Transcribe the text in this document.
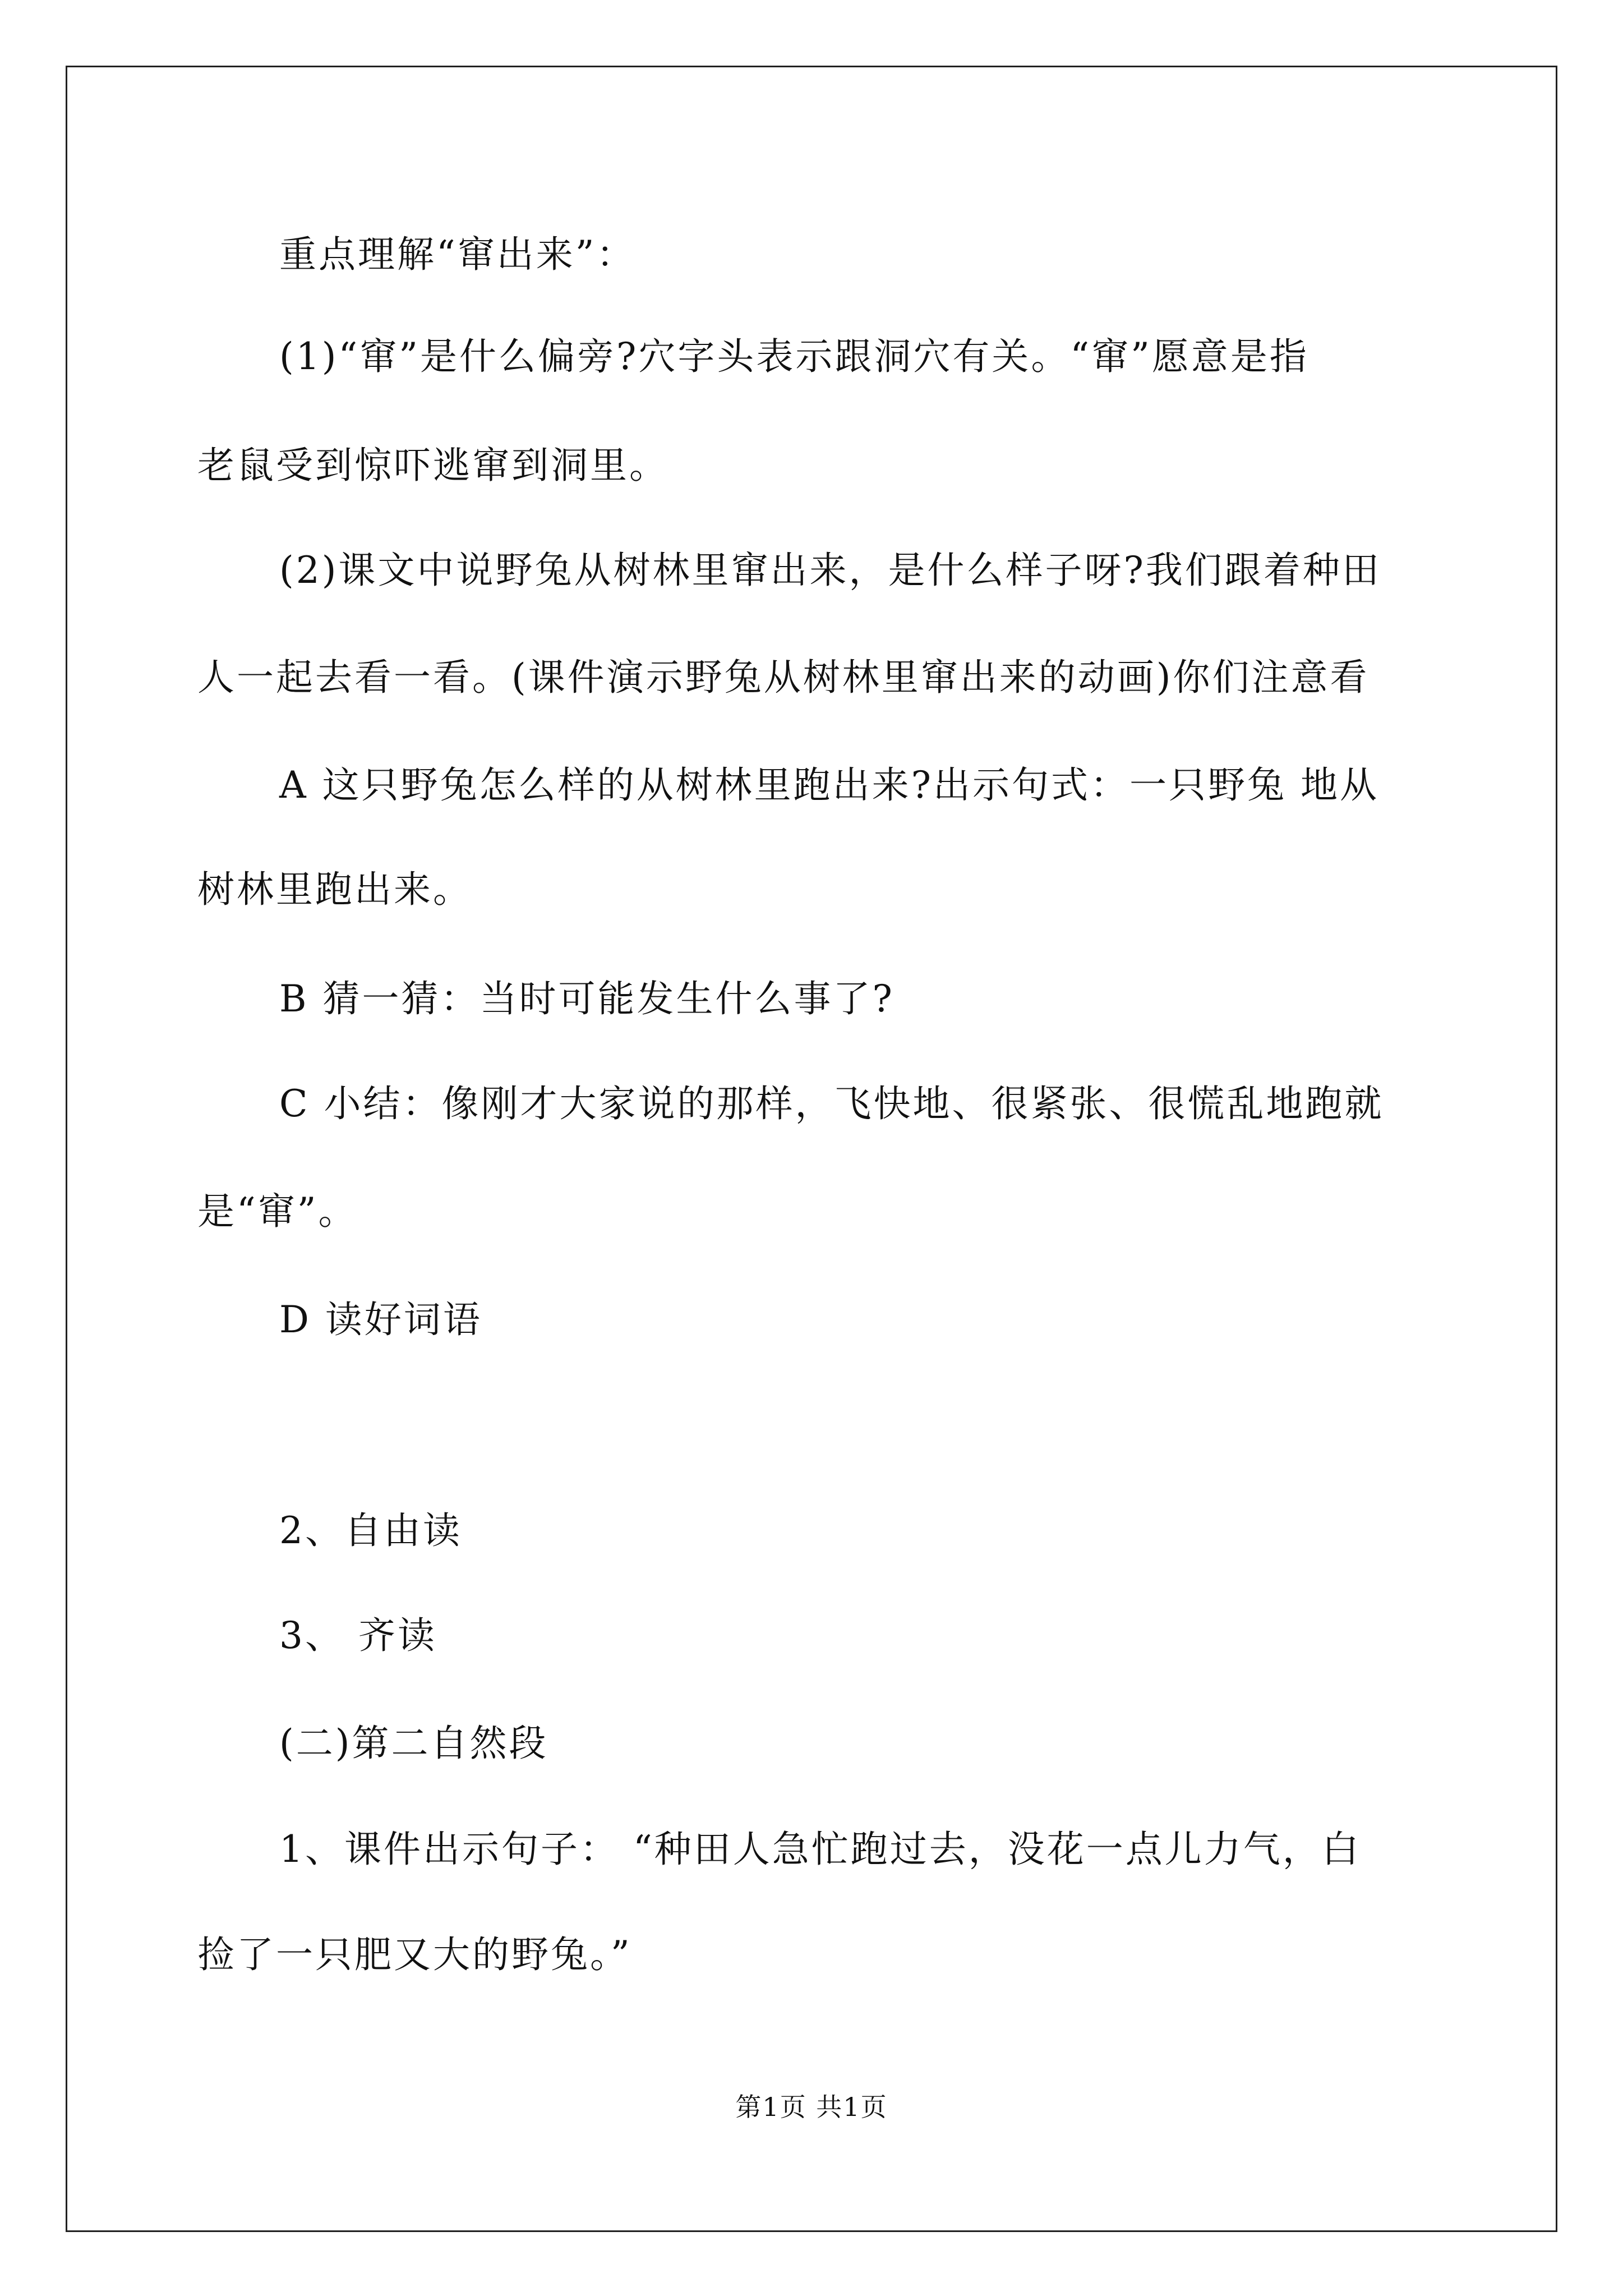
重点理解“窜出来”：
(1)“窜”是什么偏旁?穴字头表示跟洞穴有关。“窜”愿意是指
老鼠受到惊吓逃窜到洞里。
(2)课文中说野兔从树林里窜出来，是什么样子呀?我们跟着种田
人一起去看一看。(课件演示野兔从树林里窜出来的动画)你们注意看
A 这只野兔怎么样的从树林里跑出来?出示句式：一只野兔 地从
树林里跑出来。
B 猜一猜：当时可能发生什么事了?
C 小结：像刚才大家说的那样，飞快地、很紧张、很慌乱地跑就
是“窜”。
D 读好词语
2、自由读
3、 齐读
(二)第二自然段
1、课件出示句子： “种田人急忙跑过去，没花一点儿力气，白
捡了一只肥又大的野兔。”
第1页 共1页
